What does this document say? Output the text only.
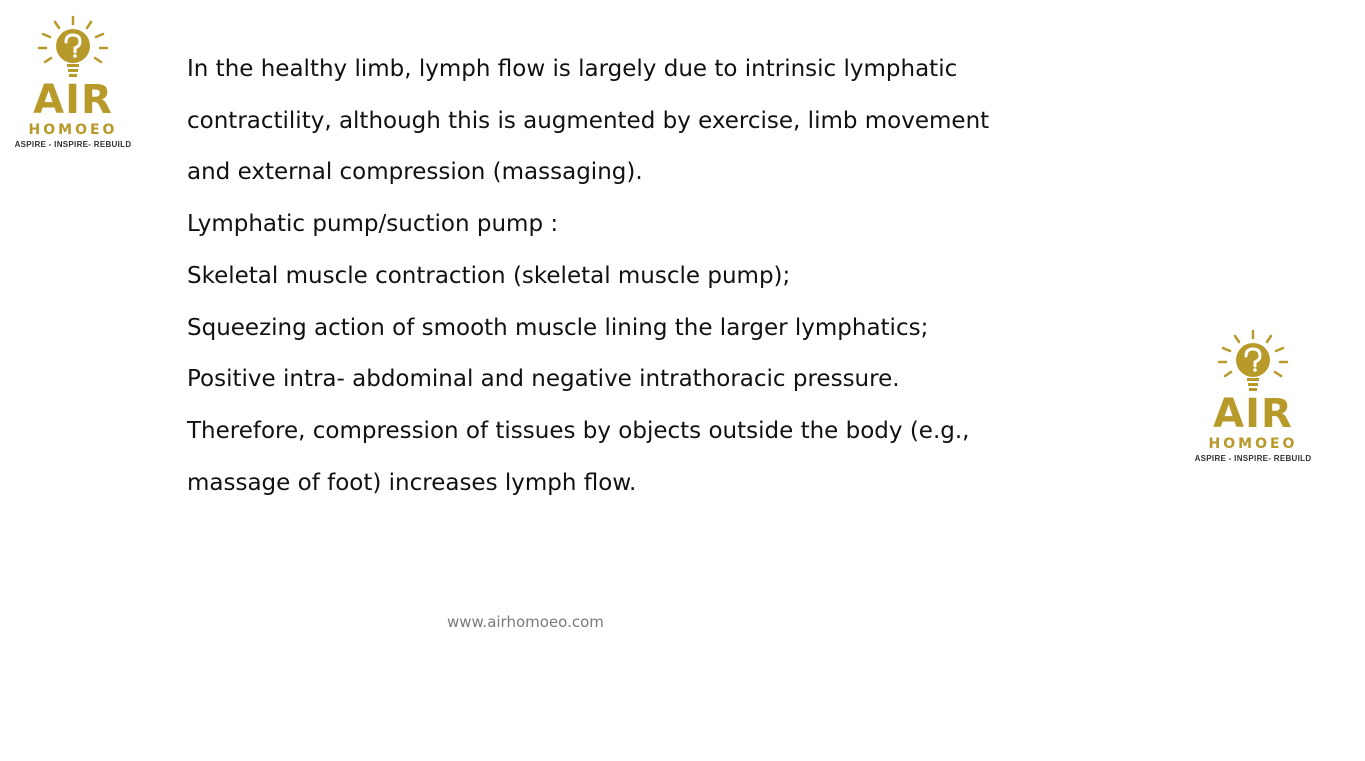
AIR
HOMOEO
ASPIRE - INSPIRE- REBUILD

In the healthy limb, lymph flow is largely due to intrinsic lymphatic

contractility, although this is augmented by exercise, limb movement

and external compression (massaging).

Lymphatic pump/suction pump :

Skeletal muscle contraction (skeletal muscle pump);

Squeezing action of smooth muscle lining the larger lymphatics;

Positive intra- abdominal and negative intrathoracic pressure.

Therefore, compression of tissues by objects outside the body (e.g.,

massage of foot) increases lymph flow.

AIR
HOMOEO
ASPIRE - INSPIRE- REBUILD
www.airhomoeo.com
